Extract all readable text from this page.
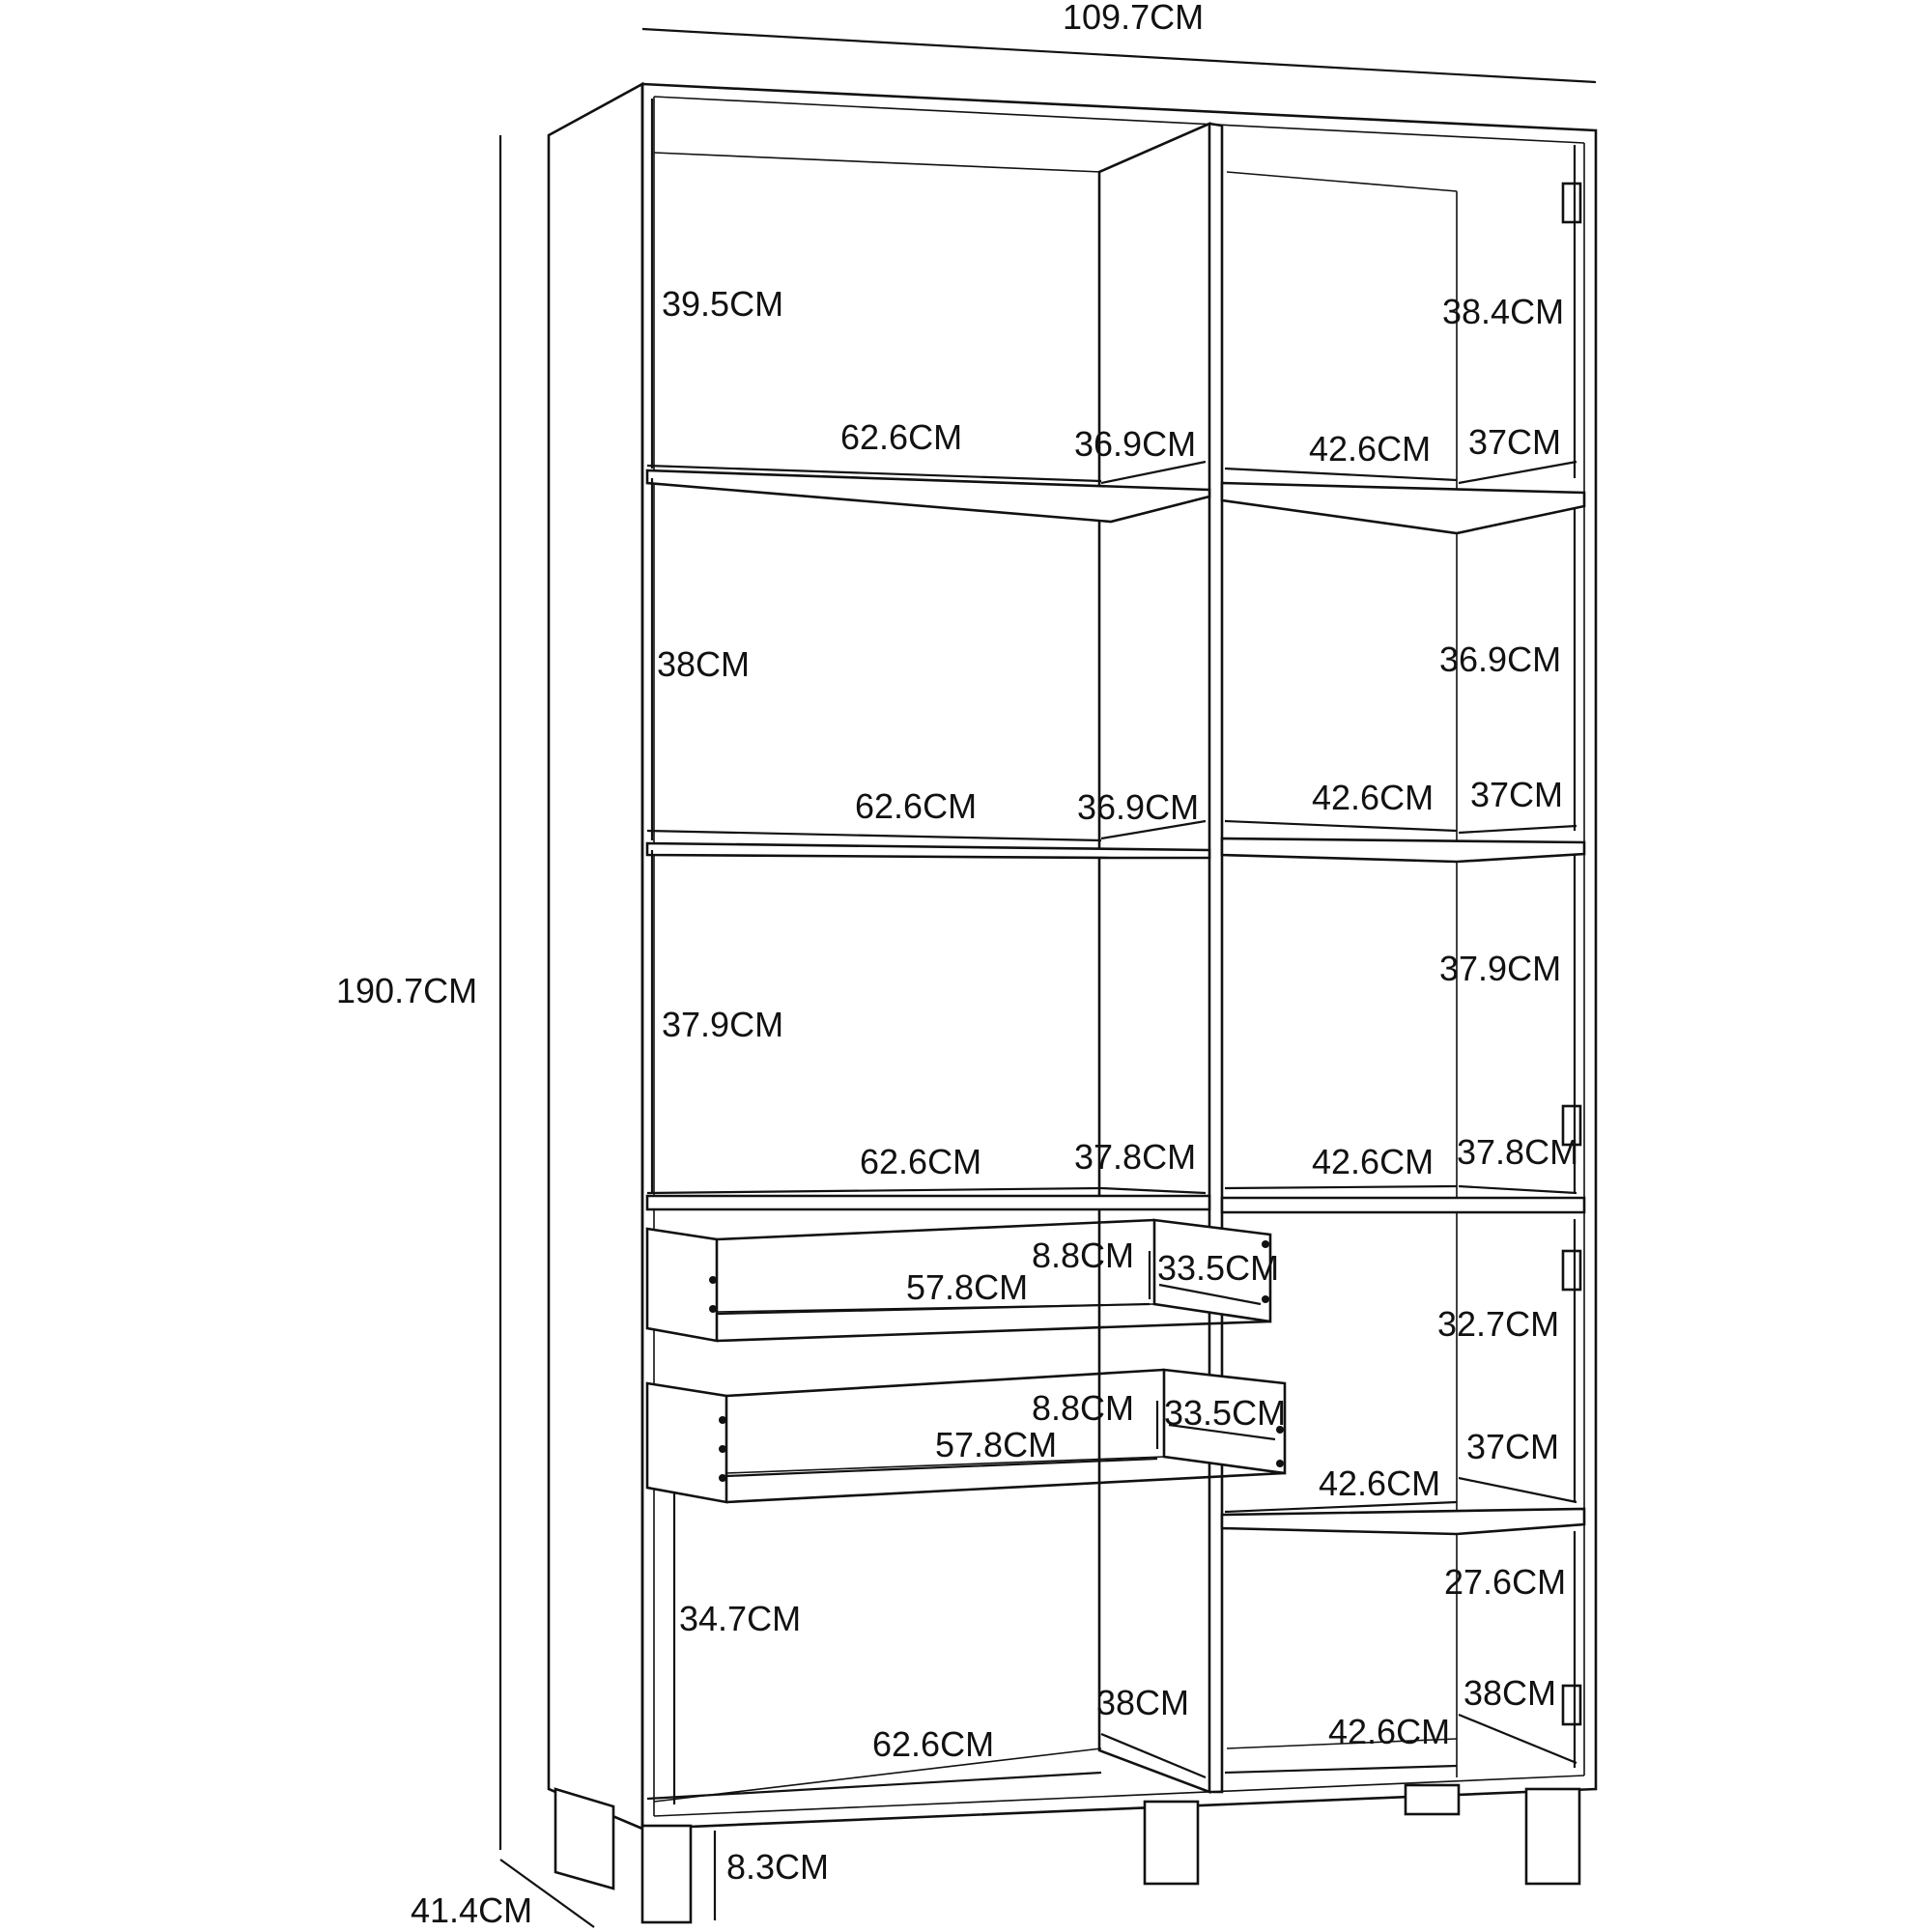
109.7CM
190.7CM
41.4CM
8.3CM
39.5CM
62.6CM	36.9CM
38CM
62.6CM	36.9CM
37.9CM
62.6CM	37.8CM
8.8CM
57.8CM	33.5CM
8.8CM
57.8CM
33.5CM
34.7CM
62.6CM
38CM
38.4CM
42.6CM 37CM
36.9CM
42.6CM 37CM
37.9CM
42.6CM 37.8CM
32.7CM
42.6CM
37CM
27.6CM
42.6CM
38CM
